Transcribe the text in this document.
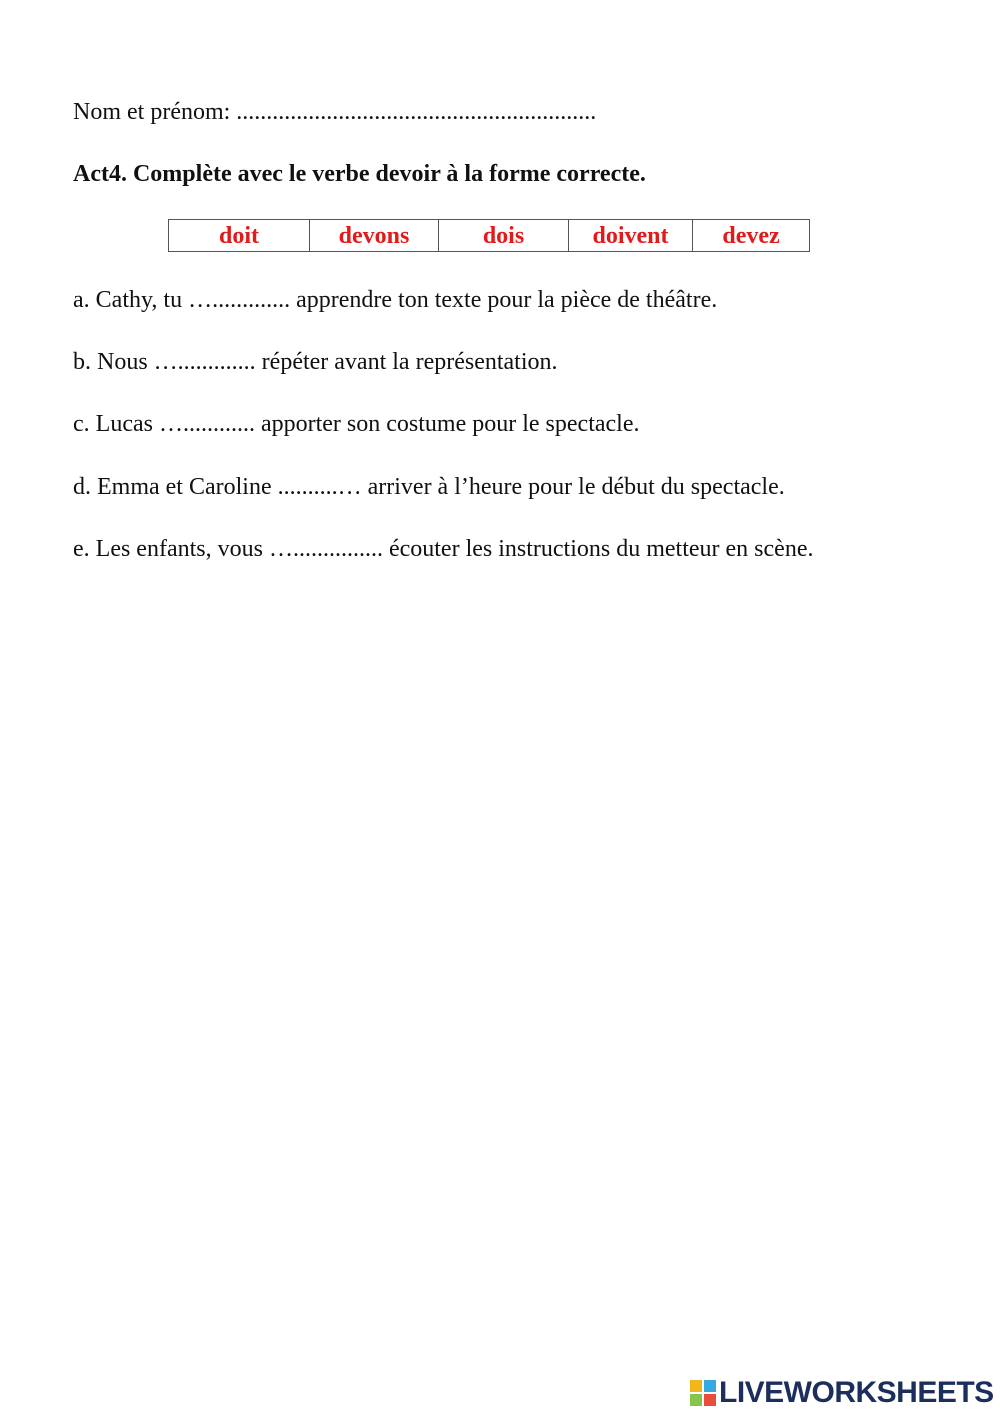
Nom et prénom: ............................................................
Act4. Complète avec le verbe devoir à la forme correcte.
doit	devons	dois	doivent	devez
a. Cathy, tu …............. apprendre ton texte pour la pièce de théâtre.
b. Nous …............. répéter avant la représentation.
c. Lucas …............ apporter son costume pour le spectacle.
d. Emma et Caroline ..........… arriver à l’heure pour le début du spectacle.
e. Les enfants, vous …............... écouter les instructions du metteur en scène.
LIVEWORKSHEETS
